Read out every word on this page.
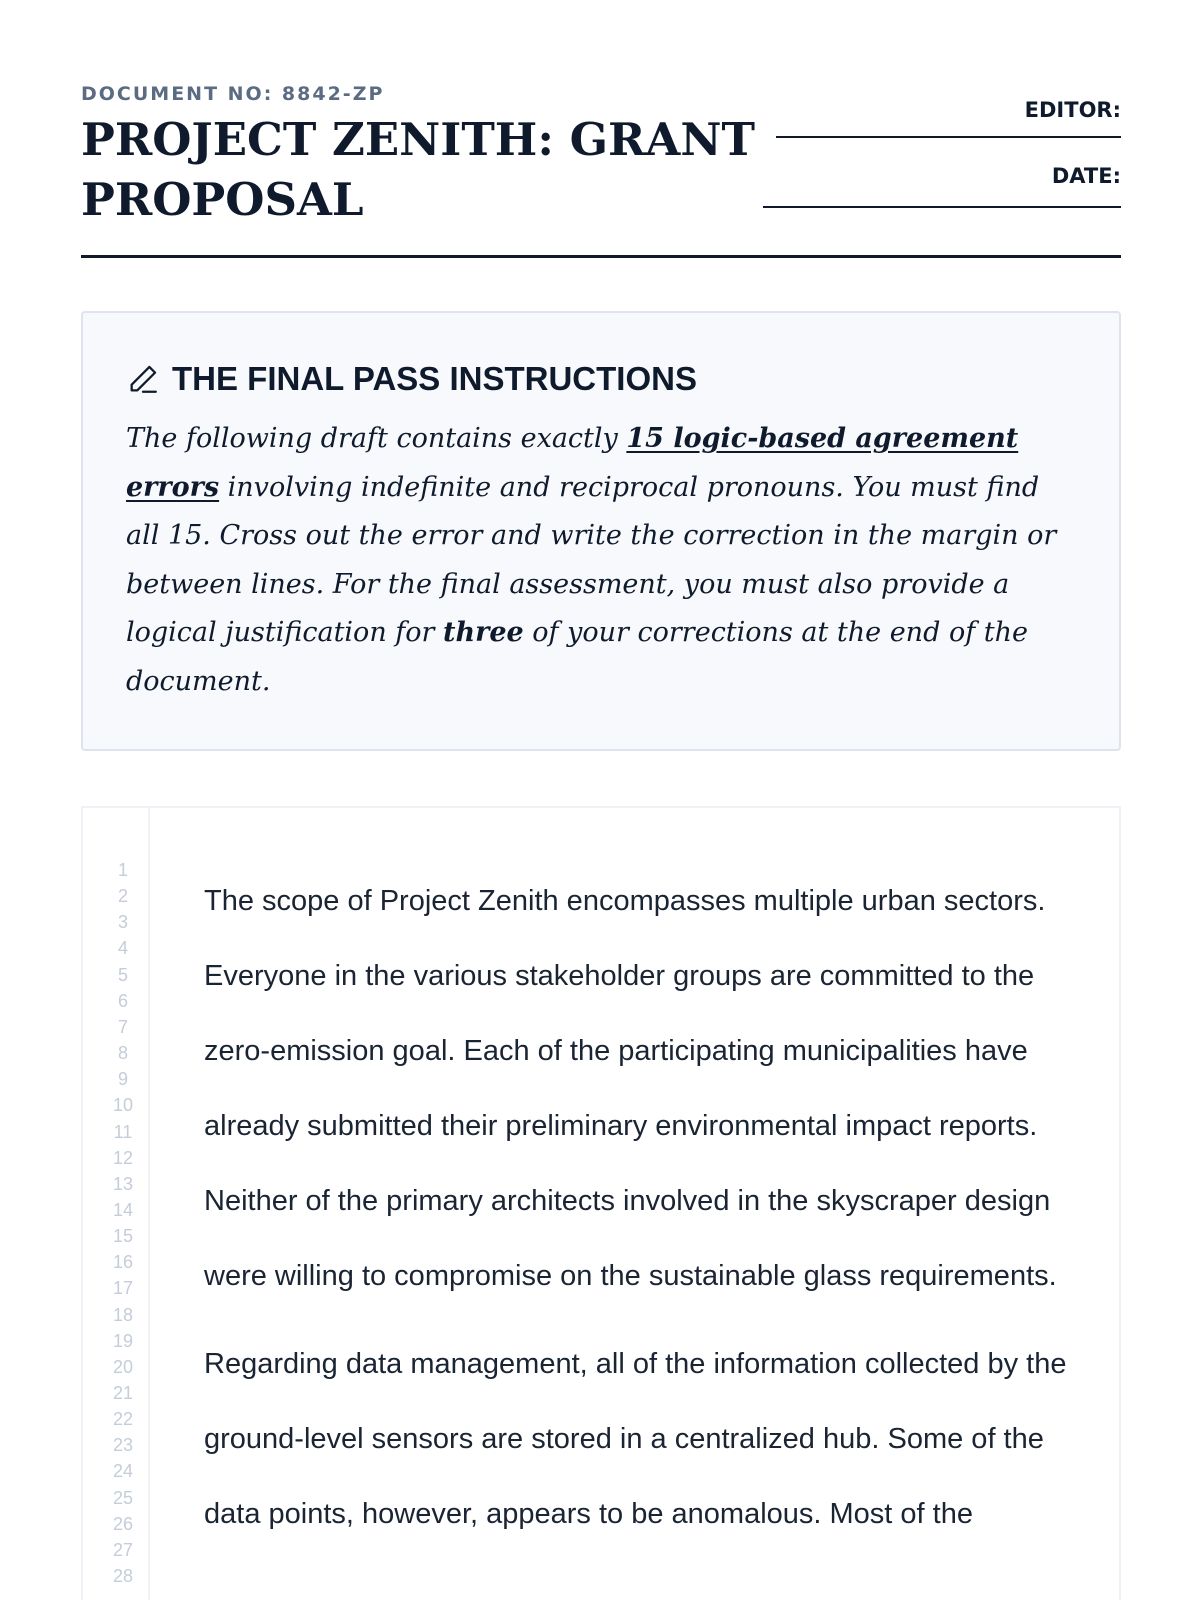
DOCUMENT NO: 8842-ZP
PROJECT ZENITH: GRANT PROPOSAL
EDITOR:
DATE:
THE FINAL PASS INSTRUCTIONS

The following draft contains exactly 15 logic-based agreement errors involving indefinite and reciprocal pronouns. You must find all 15. Cross out the error and write the correction in the margin or between lines. For the final assessment, you must also provide a logical justification for three of your corrections at the end of the document.

1
2
3
4
5
6
7
8
9
10
11
12
13
14
15
16
17
18
19
20
21
22
23
24
25
26
27
28

The scope of Project Zenith encompasses multiple urban sectors. Everyone in the various stakeholder groups are committed to the zero-emission goal. Each of the participating municipalities have already submitted their preliminary environmental impact reports. Neither of the primary architects involved in the skyscraper design were willing to compromise on the sustainable glass requirements.

Regarding data management, all of the information collected by the ground-level sensors are stored in a centralized hub. Some of the data points, however, appears to be anomalous. Most of the
